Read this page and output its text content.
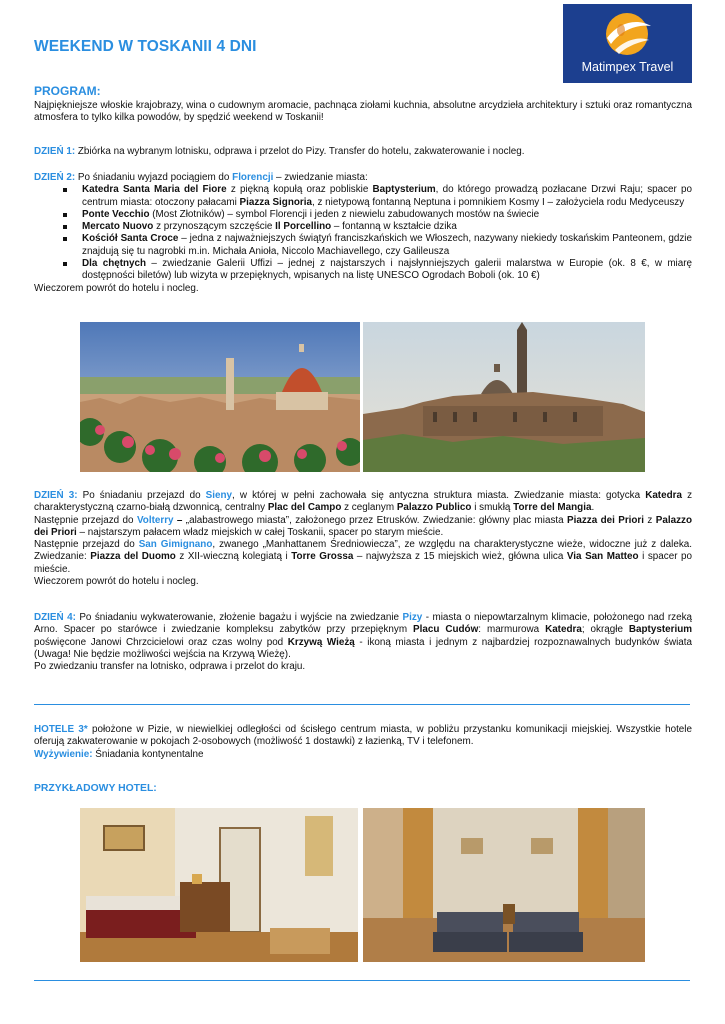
WEEKEND W TOSKANII 4 DNI
Matimpex Travel
PROGRAM:
Najpiękniejsze włoskie krajobrazy, wina o cudownym aromacie, pachnąca ziołami kuchnia, absolutne arcydzieła architektury i sztuki oraz romantyczna atmosfera to tylko kilka powodów, by spędzić weekend w Toskanii!
DZIEŃ 1: Zbiórka na wybranym lotnisku, odprawa i przelot do Pizy. Transfer do hotelu, zakwaterowanie i nocleg.

DZIEŃ 2: Po śniadaniu wyjazd pociągiem do Florencji – zwiedzanie miasta:

Katedra Santa Maria del Fiore z piękną kopułą oraz pobliskie Baptysterium, do którego prowadzą pozłacane Drzwi Raju; spacer po centrum miasta: otoczony pałacami Piazza Signoria, z nietypową fontanną Neptuna i pomnikiem Kosmy I – założyciela rodu Medyceuszy
Ponte Vecchio (Most Złotników) – symbol Florencji i jeden z niewielu zabudowanych mostów na świecie
Mercato Nuovo z przynoszącym szczęście Il Porcellino – fontanną w kształcie dzika
Kościół Santa Croce – jedna z najważniejszych świątyń franciszkańskich we Włoszech, nazywany niekiedy toskańskim Panteonem, gdzie znajdują się tu nagrobki m.in. Michała Anioła, Niccolo Machiavellego, czy Galileusza
Dla chętnych – zwiedzanie Galerii Uffizi – jednej z najstarszych i najsłynniejszych galerii malarstwa w Europie (ok. 8 €, w miarę dostępności biletów) lub wizyta w przepięknych, wpisanych na listę UNESCO Ogrodach Boboli (ok. 10 €)

Wieczorem powrót do hotelu i nocleg.

DZIEŃ 3: Po śniadaniu przejazd do Sieny, w której w pełni zachowała się antyczna struktura miasta. Zwiedzanie miasta: gotycka Katedra z charakterystyczną czarno-białą dzwonnicą, centralny Plac del Campo z ceglanym Palazzo Publico i smukłą Torre del Mangia.

Następnie przejazd do Volterry – „alabastrowego miasta”, założonego przez Etrusków. Zwiedzanie: główny plac miasta Piazza dei Priori z Palazzo dei Priori – najstarszym pałacem władz miejskich w całej Toskanii, spacer po starym mieście.

Następnie przejazd do San Gimignano, zwanego „Manhattanem Średniowiecza”, ze względu na charakterystyczne wieże, widoczne już z daleka. Zwiedzanie: Piazza del Duomo z XII-wieczną kolegiatą i Torre Grossa – najwyższa z 15 miejskich wież, główna ulica Via San Matteo i spacer po mieście.

Wieczorem powrót do hotelu i nocleg.

DZIEŃ 4: Po śniadaniu wykwaterowanie, złożenie bagażu i wyjście na zwiedzanie Pizy - miasta o niepowtarzalnym klimacie, położonego nad rzeką Arno. Spacer po starówce i zwiedzanie kompleksu zabytków przy przepięknym Placu Cudów: marmurowa Katedra; okrągłe Baptysterium poświęcone Janowi Chrzcicielowi oraz czas wolny pod Krzywą Wieżą - ikoną miasta i jednym z najbardziej rozpoznawalnych budynków świata (Uwaga! Nie będzie możliwości wejścia na Krzywą Wieżę).

Po zwiedzaniu transfer na lotnisko, odprawa i przelot do kraju.

HOTELE 3* położone w Pizie, w niewielkiej odległości od ścisłego centrum miasta, w pobliżu przystanku komunikacji miejskiej. Wszystkie hotele oferują zakwaterowanie w pokojach 2-osobowych (możliwość 1 dostawki) z łazienką, TV i telefonem.

Wyżywienie: Śniadania kontynentalne

PRZYKŁADOWY HOTEL:
